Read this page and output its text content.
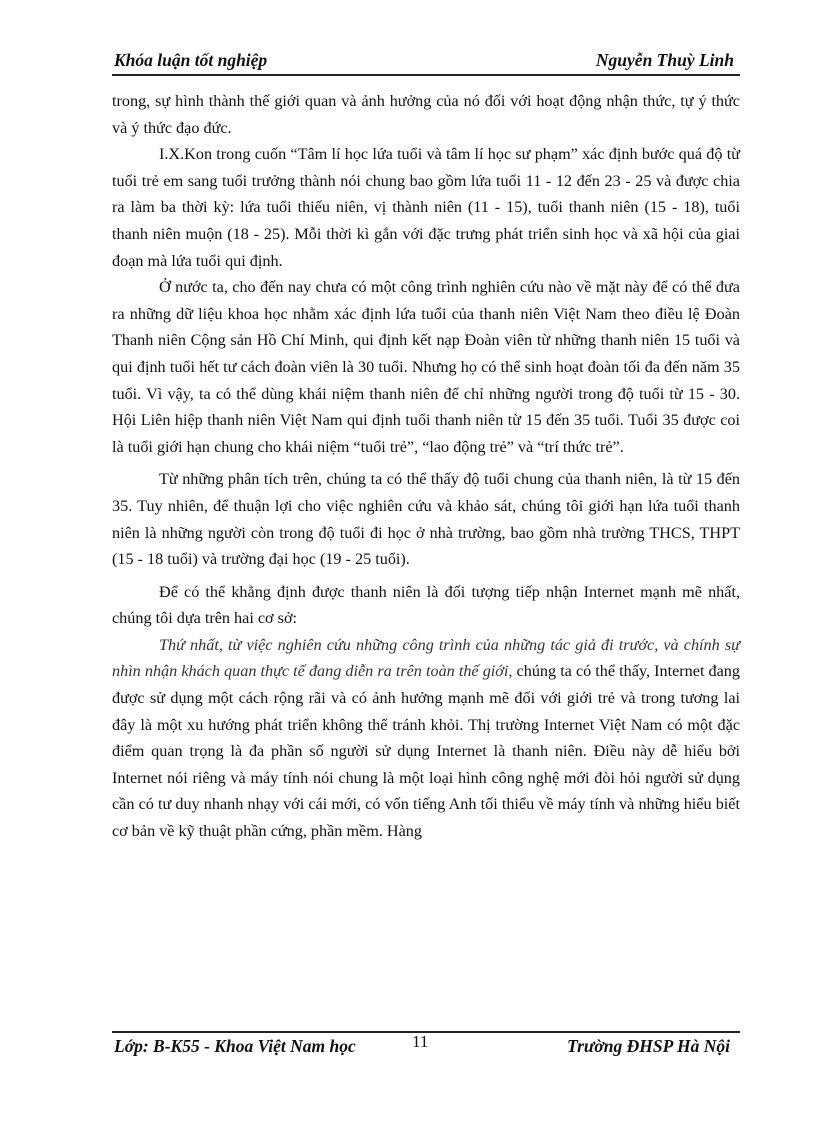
Khóa luận tốt nghiệp	Nguyễn Thuỳ Linh

trong, sự hình thành thế giới quan và ảnh hưởng của nó đối với hoạt động nhận thức, tự ý thức và ý thức đạo đức.

I.X.Kon trong cuốn “Tâm lí học lứa tuổi và tâm lí học sư phạm” xác định bước quá độ từ tuổi trẻ em sang tuổi trưởng thành nói chung bao gồm lứa tuổi 11 - 12 đến 23 - 25 và được chia ra làm ba thời kỳ: lứa tuổi thiếu niên, vị thành niên (11 - 15), tuổi thanh niên (15 - 18), tuổi thanh niên muộn (18 - 25). Mỗi thời kì gắn với đặc trưng phát triển sinh học và xã hội của giai đoạn mà lứa tuổi qui định.

Ở nước ta, cho đến nay chưa có một công trình nghiên cứu nào về mặt này để có thể đưa ra những dữ liệu khoa học nhằm xác định lứa tuổi của thanh niên Việt Nam theo điều lệ Đoàn Thanh niên Cộng sản Hồ Chí Minh, qui định kết nạp Đoàn viên từ những thanh niên 15 tuổi và qui định tuổi hết tư cách đoàn viên là 30 tuổi. Nhưng họ có thể sinh hoạt đoàn tối đa đến năm 35 tuổi. Vì vậy, ta có thể dùng khái niệm thanh niên để chỉ những người trong độ tuổi từ 15 - 30. Hội Liên hiệp thanh niên Việt Nam qui định tuổi thanh niên từ 15 đến 35 tuổi. Tuổi 35 được coi là tuổi giới hạn chung cho khái niệm “tuổi trẻ”, “lao động trẻ” và “trí thức trẻ”.

Từ những phân tích trên, chúng ta có thể thấy độ tuổi chung của thanh niên, là từ 15 đến 35. Tuy nhiên, để thuận lợi cho việc nghiên cứu và khảo sát, chúng tôi giới hạn lứa tuổi thanh niên là những người còn trong độ tuổi đi học ở nhà trường, bao gồm nhà trường THCS, THPT (15 - 18 tuổi) và trường đại học (19 - 25 tuổi).

Để có thể khẳng định được thanh niên là đối tượng tiếp nhận Internet mạnh mẽ nhất, chúng tôi dựa trên hai cơ sở:

Thứ nhất, từ việc nghiên cứu những công trình của những tác giả đi trước, và chính sự nhìn nhận khách quan thực tế đang diễn ra trên toàn thế giới, chúng ta có thể thấy, Internet đang được sử dụng một cách rộng rãi và có ảnh hưởng mạnh mẽ đối với giới trẻ và trong tương lai đây là một xu hướng phát triển không thể tránh khỏi. Thị trường Internet Việt Nam có một đặc điểm quan trọng là đa phần số người sử dụng Internet là thanh niên. Điều này dễ hiểu bởi Internet nói riêng và máy tính nói chung là một loại hình công nghệ mới đòi hỏi người sử dụng cần có tư duy nhanh nhạy với cái mới, có vốn tiếng Anh tối thiểu về máy tính và những hiểu biết cơ bản về kỹ thuật phần cứng, phần mềm. Hàng

Lớp: B-K55 - Khoa Việt Nam học	11	Trường ĐHSP Hà Nội
